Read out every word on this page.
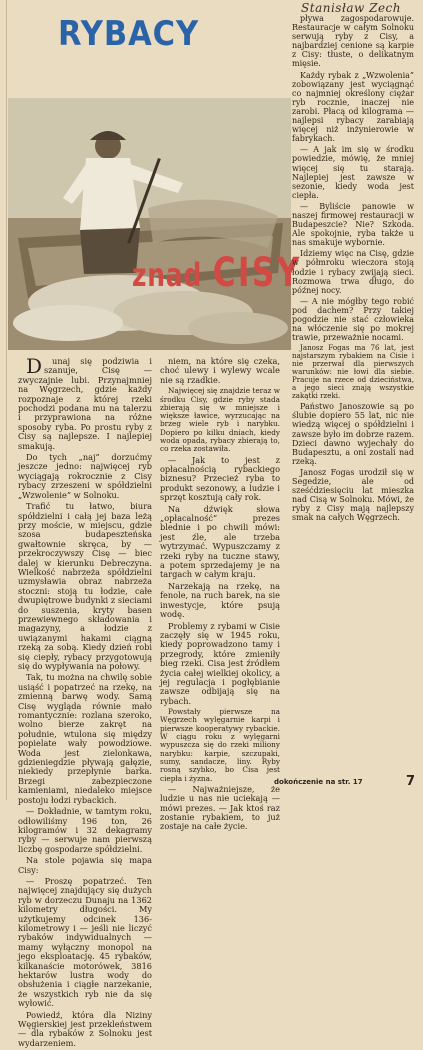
Stanisław Zech
RYBACY
znad CISY

Dunaj się podziwia i szanuje, Cisę — zwyczajnie lubi. Przynajmniej na Węgrzech, gdzie każdy rozpoznaje z której rzeki pochodzi podana mu na talerzu i przyprawiona na różne sposoby ryba. Po prostu ryby z Cisy są najlepsze. I najlepiej smakują.

Do tych „naj” dorzućmy jeszcze jedno: najwięcej ryb wyciągają rokrocznie z Cisy rybacy zrzeszeni w spółdzielni „Wzwolenie” w Solnoku.

Trafić tu łatwo, biura spółdzielni i całą jej baza leżą przy moście, w miejscu, gdzie szosa budapeszteńska gwałtownie skręca, by — przekroczywszy Cisę — biec dalej w kierunku Debreczyna. Wielkość nabrzeża spółdzielni uzmysławia obraz nabrzeża stoczni: stoją tu łodzie, całe dwupiętrowe budynki z sieciami do suszenia, kryty basen przewiewnego składowania i magazyny, a łodzie z uwiązanymi hakami ciągną rzeką za sobą. Kiedy dzień robi się ciepły, rybacy przygotowują się do wypływania na połowy.

Tak, tu można na chwilę sobie usiąść i popatrzeć na rzekę, na zmienną barwę wody. Samą Cisę wygląda równie mało romantycznie: rozlana szeroko, wolno bierze zakręt na południe, wtulona się między popielate wały powodziowe. Woda jest zielonkawa, gdzieniegdzie pływają gałęzie, niekiedy przepłynie barka. Brzegi zabezpieczone kamieniami, niedaleko miejsce postoju łodzi rybackich.

— Dokładnie, w tamtym roku, odłowiliśmy 196 ton, 26 kilogramów i 32 dekagramy ryby — serwuje nam pierwszą liczbę gospodarze spółdzielni.

Na stole pojawia się mapa Cisy:

— Proszę popatrzeć. Ten najwięcej znajdujący się dużych ryb w dorzeczu Dunaju na 1362 kilometry długości. My użytkujemy odcinek 136-kilometrowy i — jeśli nie liczyć rybaków indywidualnych — mamy wyłączny monopol na jego eksploatację. 45 rybaków, kilkanaście motorówek, 3816 hektarów lustra wody do obsłużenia i ciągłe narzekanie, że wszystkich ryb nie da się wyłowić.

Powiedź, która dla Niziny Węgierskiej jest przekleństwem — dla rybaków z Solnoku jest wydarzeniem.

niem, na które się czeka, choć ulewy i wylewy wcale nie są rzadkie.

Najwięcej się znajdzie teraz w środku Cisy, gdzie ryby stada zbierają się w mniejsze i większe ławice, wyrzucając na brzeg wiele ryb i narybku. Dopiero po kilku dniach, kiedy woda opada, rybacy zbierają to, co rzeka zostawiła.

— Jak to jest z opłacalnością rybackiego biznesu? Przecież ryba to produkt sezonowy, a ludzie i sprzęt kosztują cały rok.

Na dźwięk słowa „opłacalność” prezes blednie i po chwili mówi: jest źle, ale trzeba wytrzymać. Wypuszczamy z rzeki ryby na tuczne stawy, a potem sprzedajemy je na targach w całym kraju.

Narzekają na rzekę, na fenole, na ruch barek, na sie inwestycje, które psują wodę.

Problemy z rybami w Cisie zaczęły się w 1945 roku, kiedy poprowadzono tamy i przegrody, które zmieniły bieg rzeki. Cisa jest źródłem życia całej wielkiej okolicy, a jej regulacja i pogłębianie zawsze odbijają się na rybach.

Powstały pierwsze na Węgrzech wylęgarnie karpi i pierwsze kooperatywy rybackie. W ciągu roku z wylęgarni wypuszcza się do rzeki miliony narybku: karpie, szczupaki, sumy, sandacze, liny. Ryby rosną szybko, bo Cisa jest ciepła i żyzna.

— Najważniejsze, że ludzie u nas nie uciekają — mówi prezes. — Jak ktoś raz zostanie rybakiem, to już zostaje na całe życie.

pływa zagospodarowuje. Restauracje w całym Solnoku serwują ryby z Cisy, a najbardziej cenione są karpie z Cisy: tłuste, o delikatnym mięsie.

Każdy rybak z „Wzwolenia” zobowiązany jest wyciągnąć co najmniej określony ciężar ryb rocznie, inaczej nie zarobi. Płacą od kilograma — najlepsi rybacy zarabiają więcej niż inżynierowie w fabrykach.

— A jak im się w środku powiedzie, mówię, że mniej więcej się tu starają. Najlepiej jest zawsze w sezonie, kiedy woda jest ciepła.

— Byliście panowie w naszej firmowej restauracji w Budapeszcie? Nie? Szkoda. Ale spokojnie, ryba także u nas smakuje wybornie.

Idziemy więc na Cisę, gdzie w półmroku wieczora stoją łodzie i rybacy zwijają sieci. Rozmowa trwa długo, do późnej nocy.

— A nie mógłby tego robić pod dachem? Przy takiej pogodzie nie stać człowieka na włóczenie się po mokrej trawie, przeważnie nocami.

Janosz Fogas ma 76 lat, jest najstarszym rybakiem na Cisie i nie przerwał dla pierwszych warunków: nie łowi dla siebie. Pracuje na rzece od dzieciństwa, a jego sieci znają wszystkie zakątki rzeki.

Państwo Janoszowie są po ślubie dopiero 55 lat, nic nie wiedzą więcej o spółdzielni i zawsze było im dobrze razem. Dzieci dawno wyjechały do Budapesztu, a oni zostali nad rzeką.

Janosz Fogas urodził się w Segedzie, ale od sześćdziesięciu lat mieszka nad Cisą w Solnoku. Mówi, że ryby z Cisy mają najlepszy smak na całych Węgrzech.

dokończenie na str. 17	7
